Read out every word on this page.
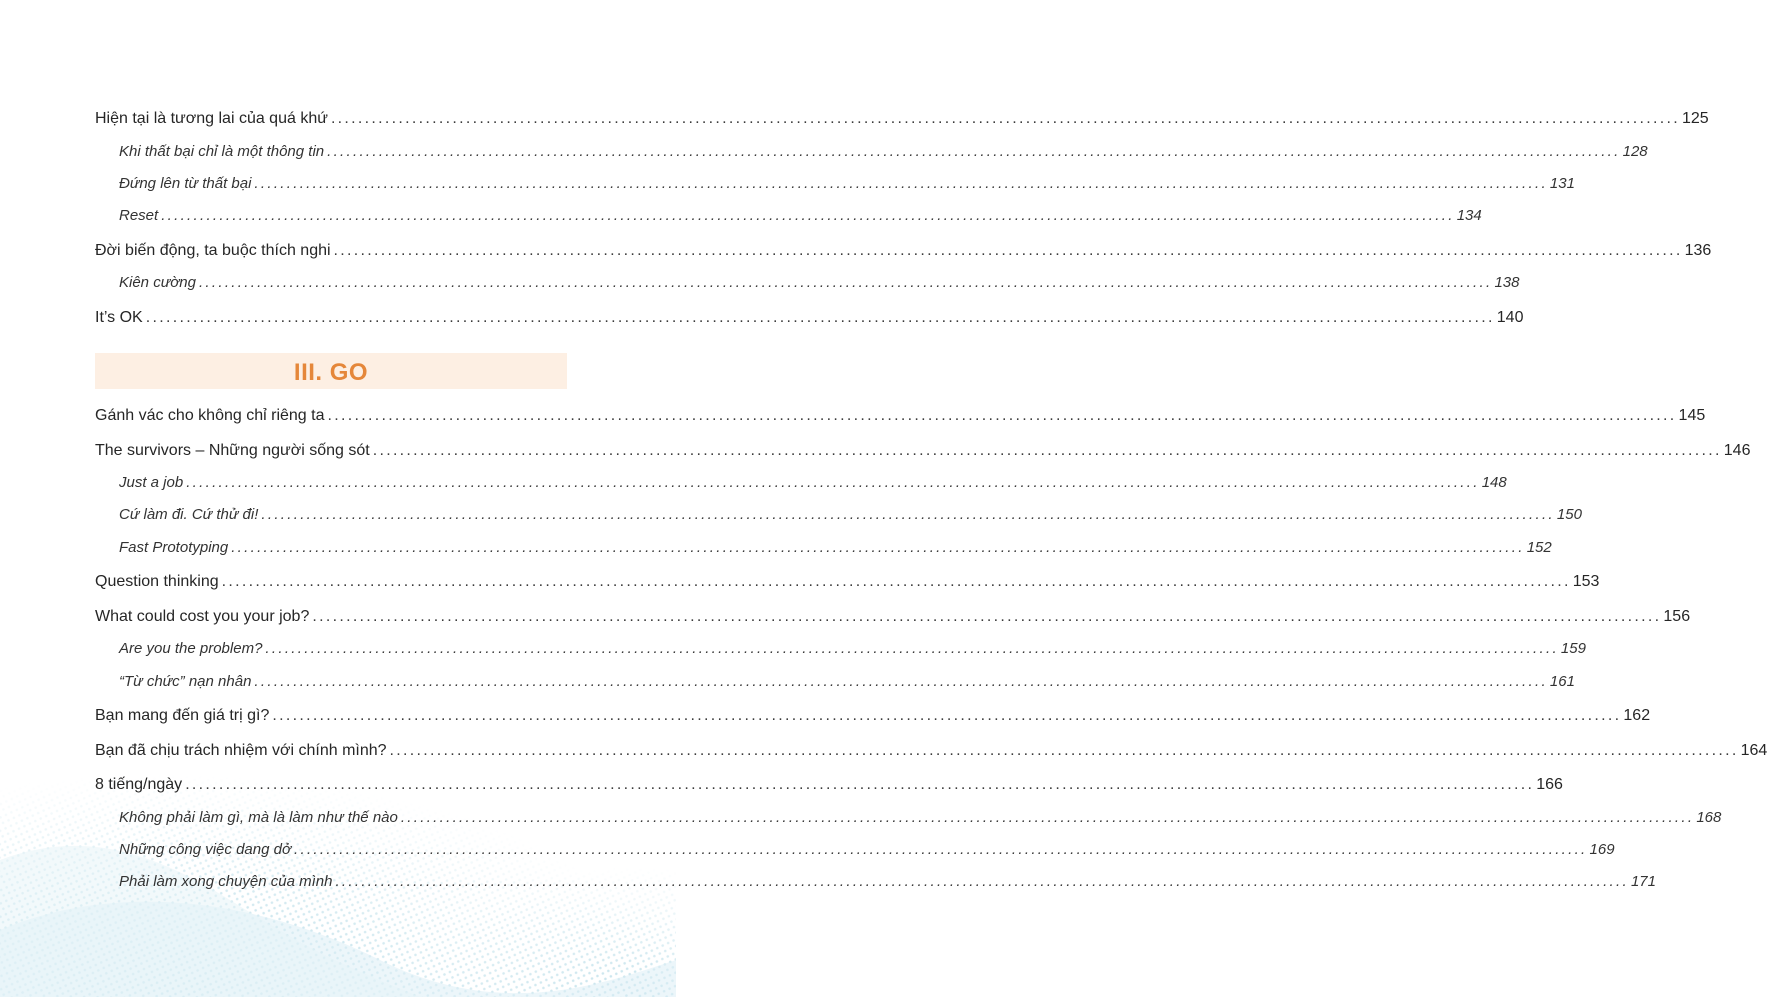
Hiện tại là tương lai của quá khứ ........................................................................................................................................................................................................ 125
Khi thất bại chỉ là một thông tin ........................................................................................................................................................................................................ 128
Đứng lên từ thất bại ........................................................................................................................................................................................................ 131
Reset ........................................................................................................................................................................................................ 134
Đời biến động, ta buộc thích nghi ........................................................................................................................................................................................................ 136
Kiên cường ........................................................................................................................................................................................................ 138
It’s OK ........................................................................................................................................................................................................ 140
III. GO
Gánh vác cho không chỉ riêng ta ........................................................................................................................................................................................................ 145
The survivors – Những người sống sót ........................................................................................................................................................................................................ 146
Just a job ........................................................................................................................................................................................................ 148
Cứ làm đi. Cứ thử đi! ........................................................................................................................................................................................................ 150
Fast Prototyping ........................................................................................................................................................................................................ 152
Question thinking ........................................................................................................................................................................................................ 153
What could cost you your job? ........................................................................................................................................................................................................ 156
Are you the problem? ........................................................................................................................................................................................................ 159
“Từ chức” nạn nhân ........................................................................................................................................................................................................ 161
Bạn mang đến giá trị gì? ........................................................................................................................................................................................................ 162
Bạn đã chịu trách nhiệm với chính mình? ........................................................................................................................................................................................................ 164
8 tiếng/ngày ........................................................................................................................................................................................................ 166
Không phải làm gì, mà là làm như thế nào ........................................................................................................................................................................................................ 168
Những công việc dang dở ........................................................................................................................................................................................................ 169
Phải làm xong chuyện của mình ........................................................................................................................................................................................................ 171
